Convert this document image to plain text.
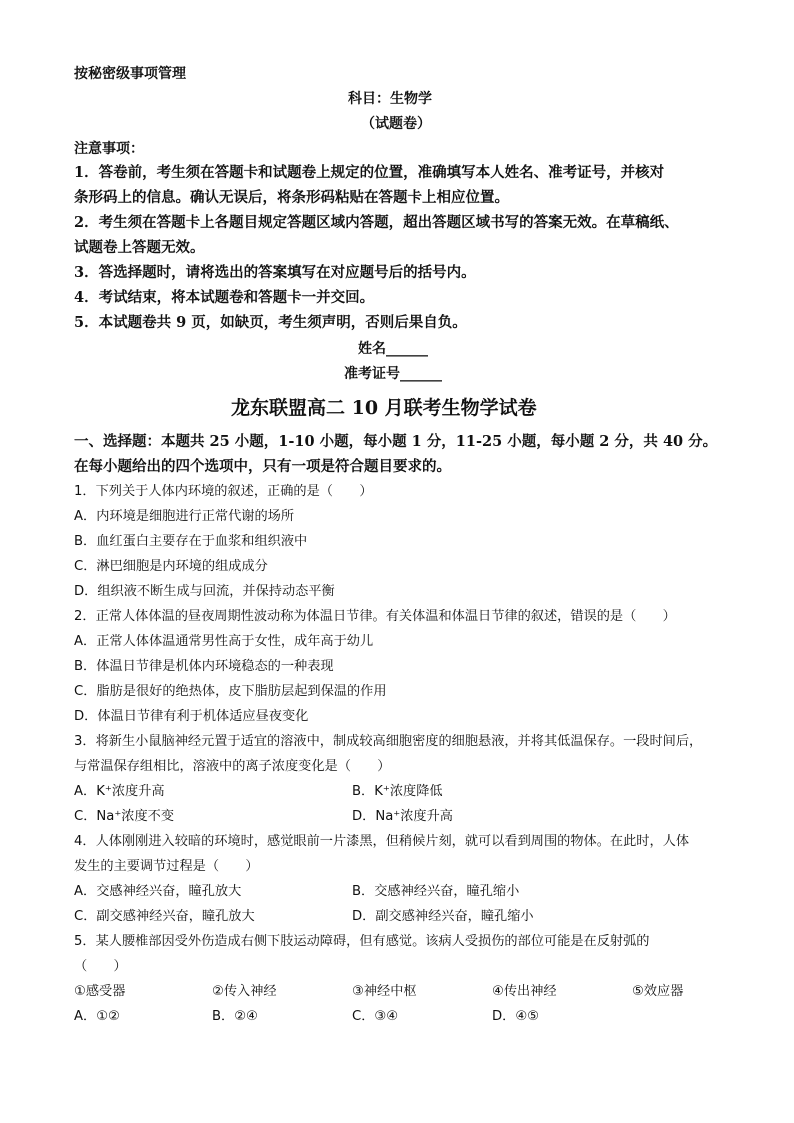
按秘密级事项管理
科目：生物学
（试题卷）
注意事项：
1．答卷前，考生须在答题卡和试题卷上规定的位置，准确填写本人姓名、准考证号，并核对
条形码上的信息。确认无误后，将条形码粘贴在答题卡上相应位置。
2．考生须在答题卡上各题目规定答题区域内答题，超出答题区域书写的答案无效。在草稿纸、
试题卷上答题无效。
3．答选择题时，请将选出的答案填写在对应题号后的括号内。
4．考试结束，将本试题卷和答题卡一并交回。
5．本试题卷共 9 页，如缺页，考生须声明，否则后果自负。
姓名______
准考证号______
龙东联盟高二 10 月联考生物学试卷
一、选择题：本题共 25 小题，1-10 小题，每小题 1 分，11-25 小题，每小题 2 分，共 40 分。
在每小题给出的四个选项中，只有一项是符合题目要求的。
1．下列关于人体内环境的叙述，正确的是（　　）
A．内环境是细胞进行正常代谢的场所
B．血红蛋白主要存在于血浆和组织液中
C．淋巴细胞是内环境的组成成分
D．组织液不断生成与回流，并保持动态平衡
2．正常人体体温的昼夜周期性波动称为体温日节律。有关体温和体温日节律的叙述，错误的是（　　）
A．正常人体体温通常男性高于女性，成年高于幼儿
B．体温日节律是机体内环境稳态的一种表现
C．脂肪是很好的绝热体，皮下脂肪层起到保温的作用
D．体温日节律有利于机体适应昼夜变化
3．将新生小鼠脑神经元置于适宜的溶液中，制成较高细胞密度的细胞悬液，并将其低温保存。一段时间后，
与常温保存组相比，溶液中的离子浓度变化是（　　）
A．K⁺浓度升高	B．K⁺浓度降低
C．Na⁺浓度不变	D．Na⁺浓度升高
4．人体刚刚进入较暗的环境时，感觉眼前一片漆黑，但稍候片刻，就可以看到周围的物体。在此时，人体
发生的主要调节过程是（　　）
A．交感神经兴奋，瞳孔放大	B．交感神经兴奋，瞳孔缩小
C．副交感神经兴奋，瞳孔放大	D．副交感神经兴奋，瞳孔缩小
5．某人腰椎部因受外伤造成右侧下肢运动障碍，但有感觉。该病人受损伤的部位可能是在反射弧的
（　　）
①感受器	②传入神经	③神经中枢	④传出神经	⑤效应器
A．①②	B．②④	C．③④	D．④⑤
